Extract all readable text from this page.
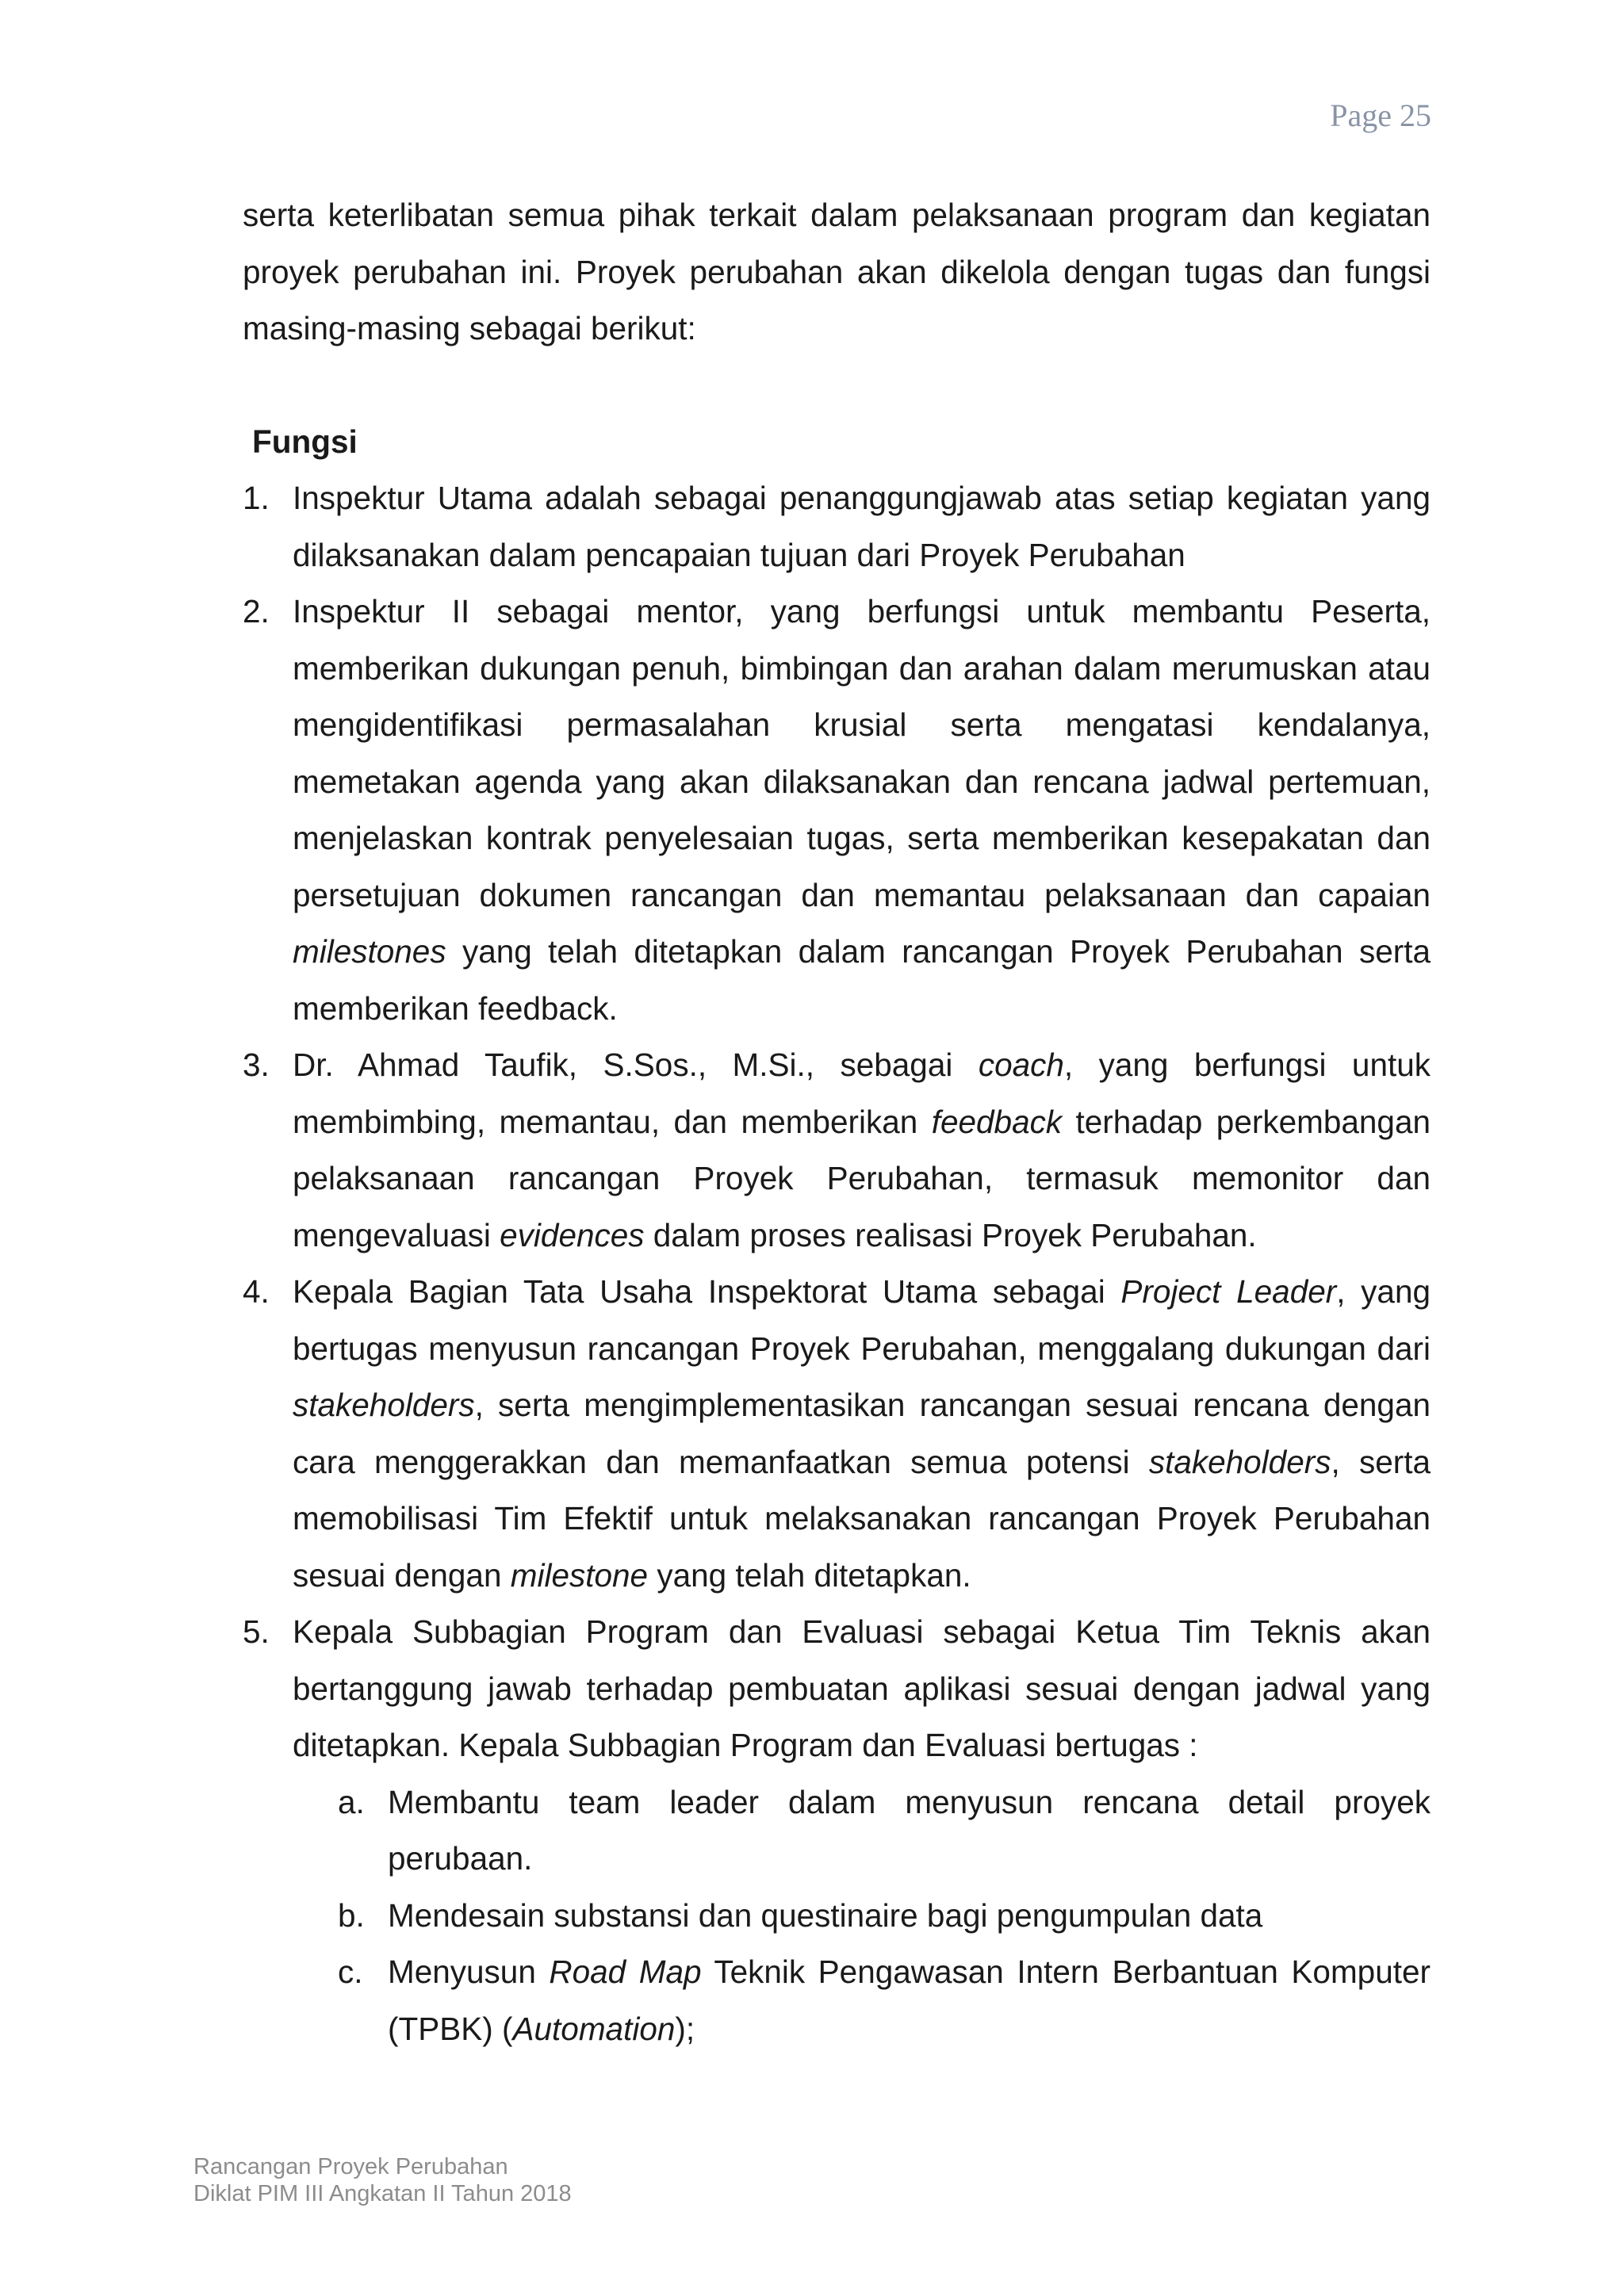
Page 25

serta keterlibatan semua pihak terkait dalam pelaksanaan program dan kegiatan proyek perubahan ini. Proyek perubahan akan dikelola dengan tugas dan fungsi masing-masing sebagai berikut:

Fungsi
1. Inspektur Utama adalah sebagai penanggungjawab atas setiap kegiatan yang dilaksanakan dalam pencapaian tujuan dari Proyek Perubahan
2. Inspektur II sebagai mentor, yang berfungsi untuk membantu Peserta, memberikan dukungan penuh, bimbingan dan arahan dalam merumuskan atau mengidentifikasi permasalahan krusial serta mengatasi kendalanya, memetakan agenda yang akan dilaksanakan dan rencana jadwal pertemuan, menjelaskan kontrak penyelesaian tugas, serta memberikan kesepakatan dan persetujuan dokumen rancangan dan memantau pelaksanaan dan capaian milestones yang telah ditetapkan dalam rancangan Proyek Perubahan serta memberikan feedback.
3. Dr. Ahmad Taufik, S.Sos., M.Si., sebagai coach, yang berfungsi untuk membimbing, memantau, dan memberikan feedback terhadap perkembangan pelaksanaan rancangan Proyek Perubahan, termasuk memonitor dan mengevaluasi evidences dalam proses realisasi Proyek Perubahan.
4. Kepala Bagian Tata Usaha Inspektorat Utama sebagai Project Leader, yang bertugas menyusun rancangan Proyek Perubahan, menggalang dukungan dari stakeholders, serta mengimplementasikan rancangan sesuai rencana dengan cara menggerakkan dan memanfaatkan semua potensi stakeholders, serta memobilisasi Tim Efektif untuk melaksanakan rancangan Proyek Perubahan sesuai dengan milestone yang telah ditetapkan.
5. Kepala Subbagian Program dan Evaluasi sebagai Ketua Tim Teknis akan bertanggung jawab terhadap pembuatan aplikasi sesuai dengan jadwal yang ditetapkan. Kepala Subbagian Program dan Evaluasi bertugas :
a. Membantu team leader dalam menyusun rencana detail proyek perubaan.
b. Mendesain substansi dan questinaire bagi pengumpulan data
c. Menyusun Road Map Teknik Pengawasan Intern Berbantuan Komputer (TPBK) (Automation);
Rancangan Proyek Perubahan
Diklat PIM III Angkatan II Tahun 2018
